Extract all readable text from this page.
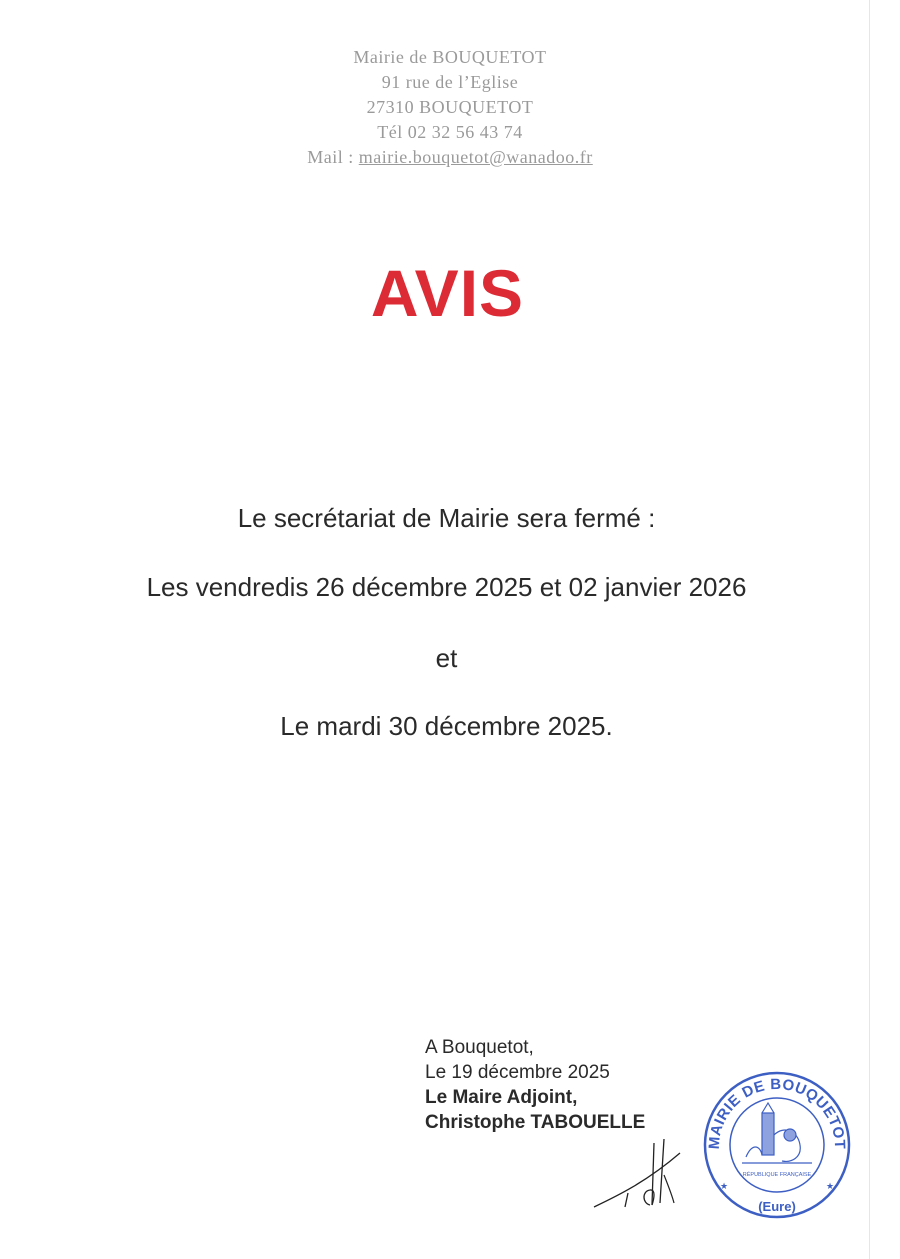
Mairie de BOUQUETOT
91 rue de l’Eglise
27310 BOUQUETOT
Tél 02 32 56 43 74
Mail : mairie.bouquetot@wanadoo.fr
AVIS
Le secrétariat de Mairie sera fermé :
Les vendredis 26 décembre 2025 et 02 janvier 2026
et
Le mardi 30 décembre 2025.
A Bouquetot,
Le 19 décembre 2025
Le Maire Adjoint,
Christophe TABOUELLE
MAIRIE DE BOUQUETOT
RÉPUBLIQUE FRANÇAISE
★	★
(Eure)
